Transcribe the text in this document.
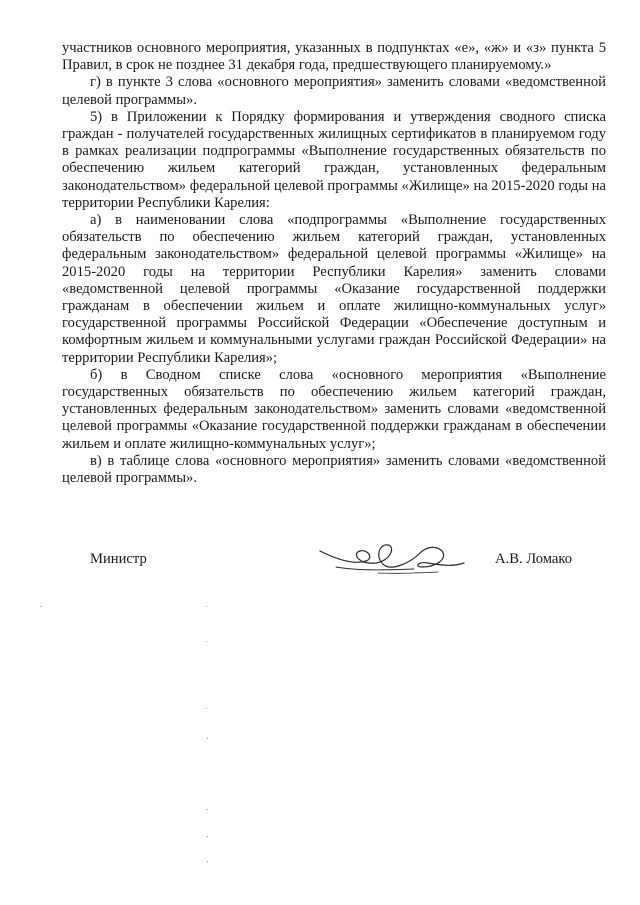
участников основного мероприятия, указанных в подпунктах «е», «ж» и «з» пункта 5 Правил, в срок не позднее 31 декабря года, предшествующего планируемому.»

г) в пункте 3 слова «основного мероприятия» заменить словами «ведомственной целевой программы».

5) в Приложении к Порядку формирования и утверждения сводного списка граждан - получателей государственных жилищных сертификатов в планируемом году в рамках реализации подпрограммы «Выполнение государственных обязательств по обеспечению жильем категорий граждан, установленных федеральным законодательством» федеральной целевой программы «Жилище» на 2015-2020 годы на территории Республики Карелия:

а) в наименовании слова «подпрограммы «Выполнение государственных обязательств по обеспечению жильем категорий граждан, установленных федеральным законодательством» федеральной целевой программы «Жилище» на 2015-2020 годы на территории Республики Карелия» заменить словами «ведомственной целевой программы «Оказание государственной поддержки гражданам в обеспечении жильем и оплате жилищно-коммунальных услуг» государственной программы Российской Федерации «Обеспечение доступным и комфортным жильем и коммунальными услугами граждан Российской Федерации» на территории Республики Карелия»;

б) в Сводном списке слова «основного мероприятия «Выполнение государственных обязательств по обеспечению жильем категорий граждан, установленных федеральным законодательством» заменить словами «ведомственной целевой программы «Оказание государственной поддержки гражданам в обеспечении жильем и оплате жилищно-коммунальных услуг»;

в) в таблице слова «основного мероприятия» заменить словами «ведомственной целевой программы».

Министр	А.В. Ломако
